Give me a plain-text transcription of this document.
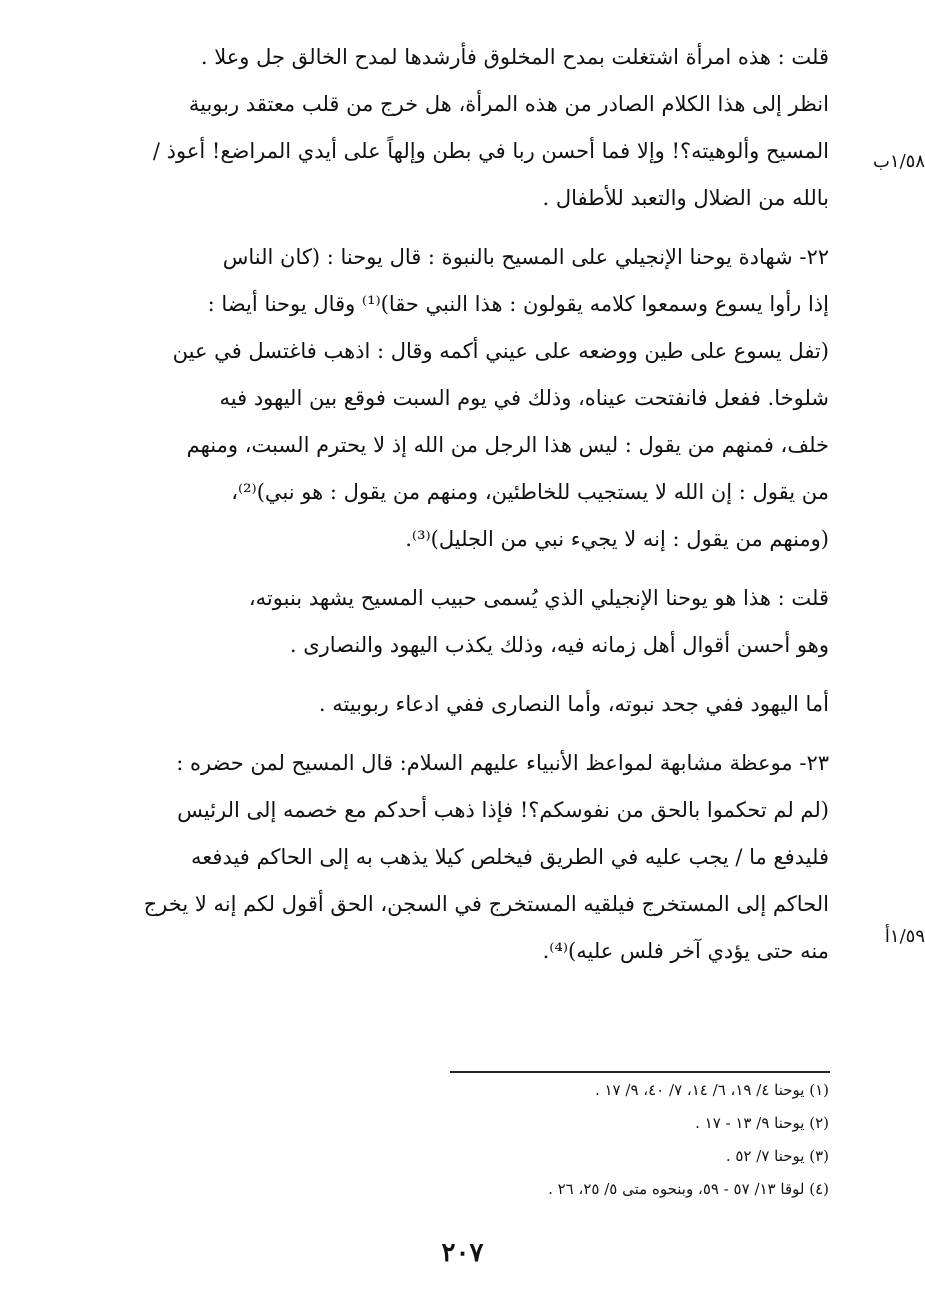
قلت : هذه امرأة اشتغلت بمدح المخلوق فأرشدها لمدح الخالق جل وعلا .
انظر إلى هذا الكلام الصادر من هذه المرأة، هل خرج من قلب معتقد ربوبية
المسيح وألوهيته؟! وإلا فما أحسن ربا في بطن وإلهاً على أيدي المراضع! أعوذ /
بالله من الضلال والتعبد للأطفال .

٢٢- شهادة يوحنا الإنجيلي على المسيح بالنبوة : قال يوحنا : (كان الناس
إذا رأوا يسوع وسمعوا كلامه يقولون : هذا النبي حقا)⁽¹⁾ وقال يوحنا أيضا :
(تفل يسوع على طين ووضعه على عيني أكمه وقال : اذهب فاغتسل في عين
شلوخا. ففعل فانفتحت عيناه، وذلك في يوم السبت فوقع بين اليهود فيه
خلف، فمنهم من يقول : ليس هذا الرجل من الله إذ لا يحترم السبت، ومنهم
من يقول : إن الله لا يستجيب للخاطئين، ومنهم من يقول : هو نبي)⁽²⁾،
(ومنهم من يقول : إنه لا يجيء نبي من الجليل)⁽³⁾.

قلت : هذا هو يوحنا الإنجيلي الذي يُسمى حبيب المسيح يشهد بنبوته،
وهو أحسن أقوال أهل زمانه فيه، وذلك يكذب اليهود والنصارى .

أما اليهود ففي جحد نبوته، وأما النصارى ففي ادعاء ربوبيته .

٢٣- موعظة مشابهة لمواعظ الأنبياء عليهم السلام: قال المسيح لمن حضره :
(لم لم تحكموا بالحق من نفوسكم؟! فإذا ذهب أحدكم مع خصمه إلى الرئيس
فليدفع ما / يجب عليه في الطريق فيخلص كيلا يذهب به إلى الحاكم فيدفعه
الحاكم إلى المستخرج فيلقيه المستخرج في السجن، الحق أقول لكم إنه لا يخرج
منه حتى يؤدي آخر فلس عليه)⁽⁴⁾.

١/٥٨ب
١/٥٩أ
(١) يوحنا ٤/ ١٩، ٦/ ١٤، ٧/ ٤٠، ٩/ ١٧ .
(٢) يوحنا ٩/ ١٣ - ١٧ .
(٣) يوحنا ٧/ ٥٢ .
(٤) لوقا ١٣/ ٥٧ - ٥٩، وبنحوه متى ٥/ ٢٥، ٢٦ .
٢٠٧
